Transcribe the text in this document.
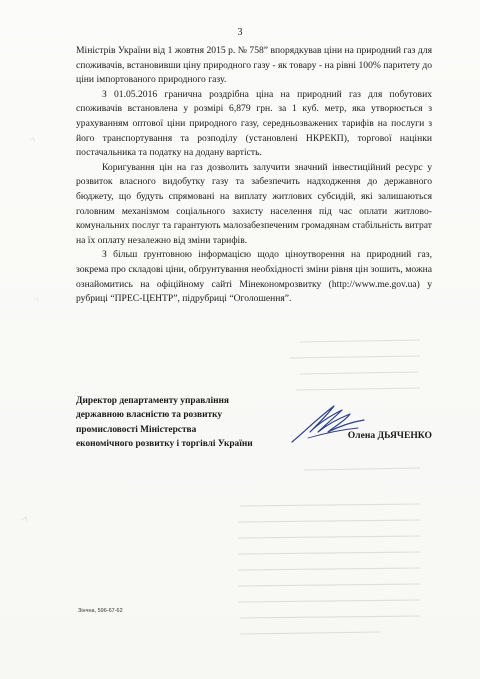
3

Міністрів України від 1 жовтня 2015 р. № 758” впорядкував ціни на природний газ для споживачів, встановивши ціну природного газу - як товару - на рівні 100% паритету до ціни імпортованого природного газу.

З 01.05.2016 гранична роздрібна ціна на природний газ для побутових споживачів встановлена у розмірі 6,879 грн. за 1 куб. метр, яка утворюється з урахуванням оптової ціни природного газу, середньозважених тарифів на послуги з його транспортування та розподілу (установлені НКРЕКП), торгової націнки постачальника та податку на додану вартість.

Коригування цін на газ дозволить залучити значний інвестиційний ресурс у розвиток власного видобутку газу та забезпечить надходження до державного бюджету, що будуть спрямовані на виплату житлових субсидій, які залишаються головним механізмом соціального захисту населення під час оплати житлово-комунальних послуг та гарантують малозабезпеченим громадянам стабільність витрат на їх оплату незалежно від зміни тарифів.

З більш ґрунтовною інформацією щодо ціноутворення на природний газ, зокрема про складові ціни, обґрунтування необхідності зміни рівня цін зошить, можна ознайомитись на офіційному сайті Мінекономрозвитку (http://www.me.gov.ua) у рубриці “ПРЕС-ЦЕНТР”, підрубриці “Оголошення”.

Директор департаменту управління
державною власністю та розвитку
промисловості Міністерства
економічного розвитку і торгівлі України
Олена ДЬЯЧЕНКО
Зінчна, 596-67-62
